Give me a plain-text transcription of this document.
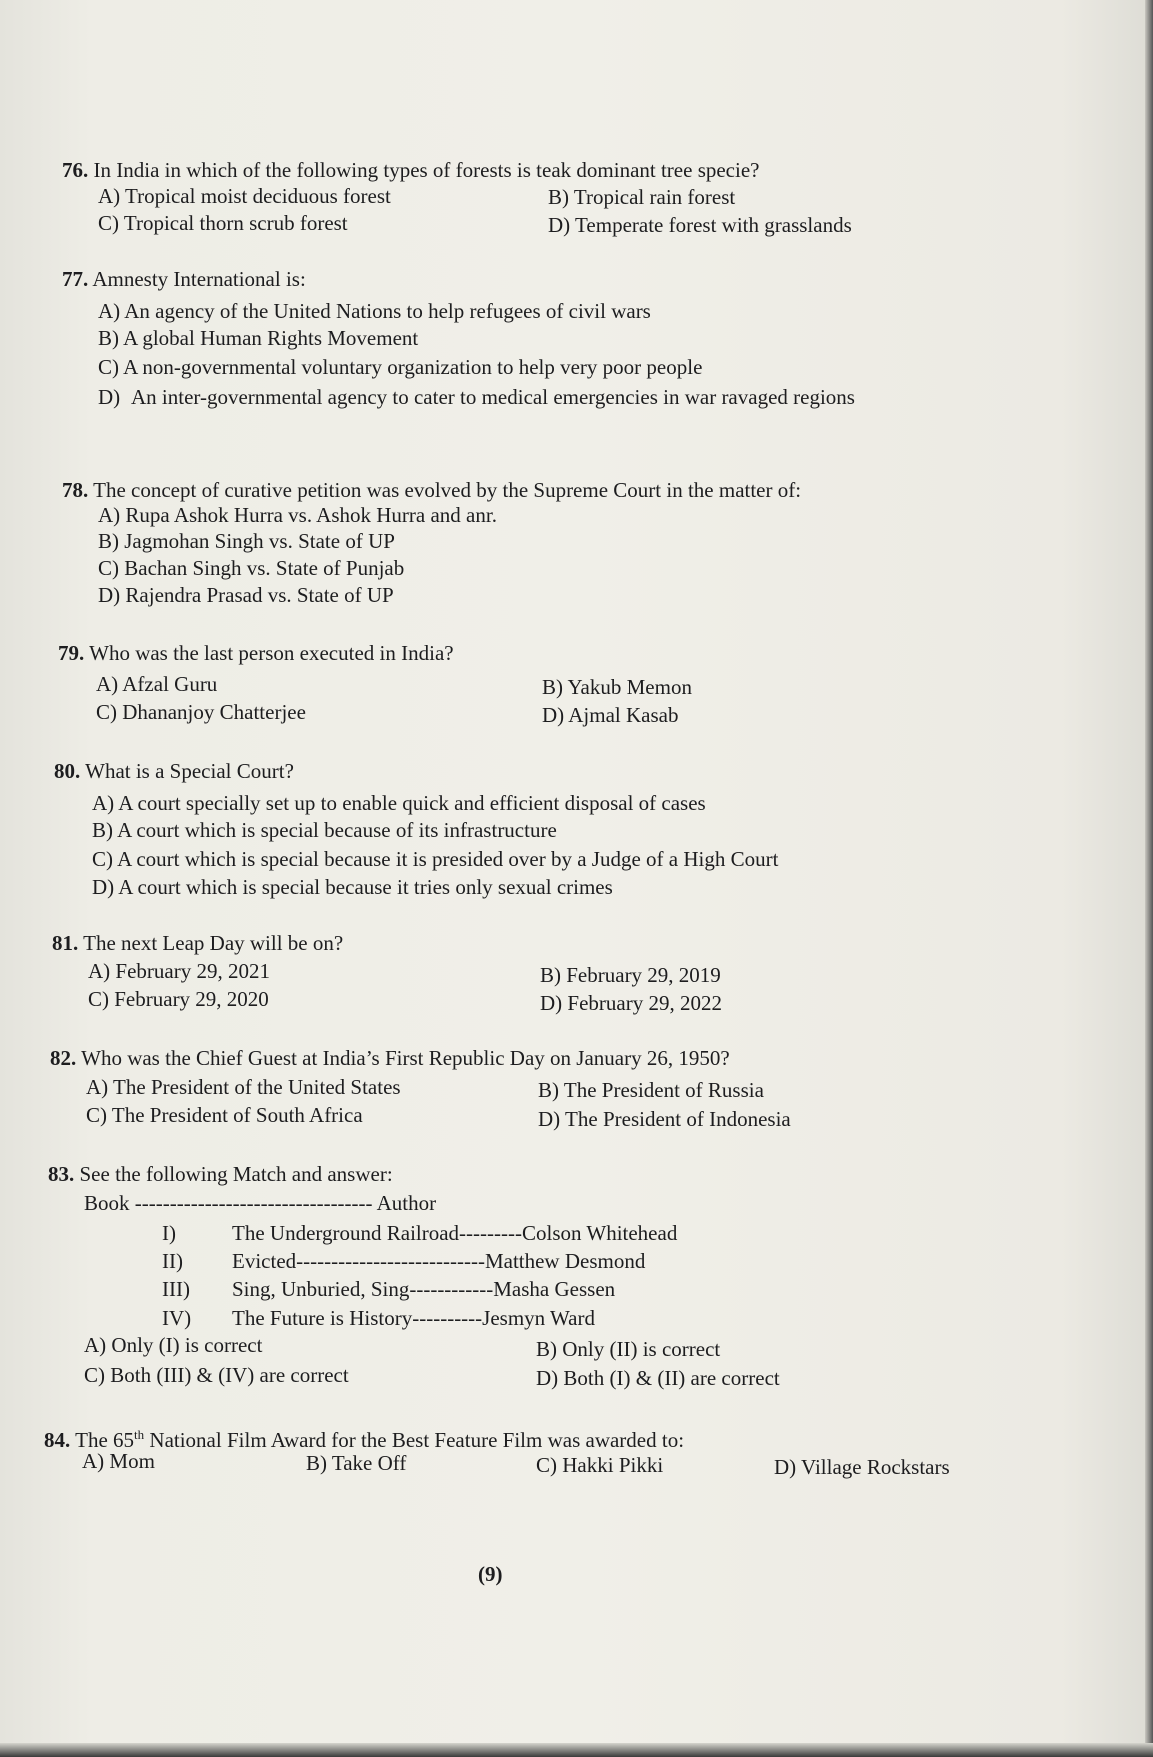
76. In India in which of the following types of forests is teak dominant tree specie?
A) Tropical moist deciduous forest	B) Tropical rain forest
C) Tropical thorn scrub forest	D) Temperate forest with grasslands
77. Amnesty International is:
A) An agency of the United Nations to help refugees of civil wars
B) A global Human Rights Movement
C) A non-governmental voluntary organization to help very poor people
D) An inter-governmental agency to cater to medical emergencies in war ravaged regions
78. The concept of curative petition was evolved by the Supreme Court in the matter of:
A) Rupa Ashok Hurra vs. Ashok Hurra and anr.
B) Jagmohan Singh vs. State of UP
C) Bachan Singh vs. State of Punjab
D) Rajendra Prasad vs. State of UP
79. Who was the last person executed in India?
A) Afzal Guru	B) Yakub Memon
C) Dhananjoy Chatterjee	D) Ajmal Kasab
80. What is a Special Court?
A) A court specially set up to enable quick and efficient disposal of cases
B) A court which is special because of its infrastructure
C) A court which is special because it is presided over by a Judge of a High Court
D) A court which is special because it tries only sexual crimes
81. The next Leap Day will be on?
A) February 29, 2021	B) February 29, 2019
C) February 29, 2020	D) February 29, 2022
82. Who was the Chief Guest at India’s First Republic Day on January 26, 1950?
A) The President of the United States	B) The President of Russia
C) The President of South Africa	D) The President of Indonesia
83. See the following Match and answer:
Book ---------------------------------- Author
I)	The Underground Railroad---------Colson Whitehead
II) Evicted---------------------------Matthew Desmond
III) Sing, Unburied, Sing------------Masha Gessen
IV) The Future is History----------Jesmyn Ward
A) Only (I) is correct	B) Only (II) is correct
C) Both (III) & (IV) are correct	D) Both (I) & (II) are correct
84. The 65th National Film Award for the Best Feature Film was awarded to:
A) Mom	B) Take Off	C) Hakki Pikki	D) Village Rockstars
(9)
